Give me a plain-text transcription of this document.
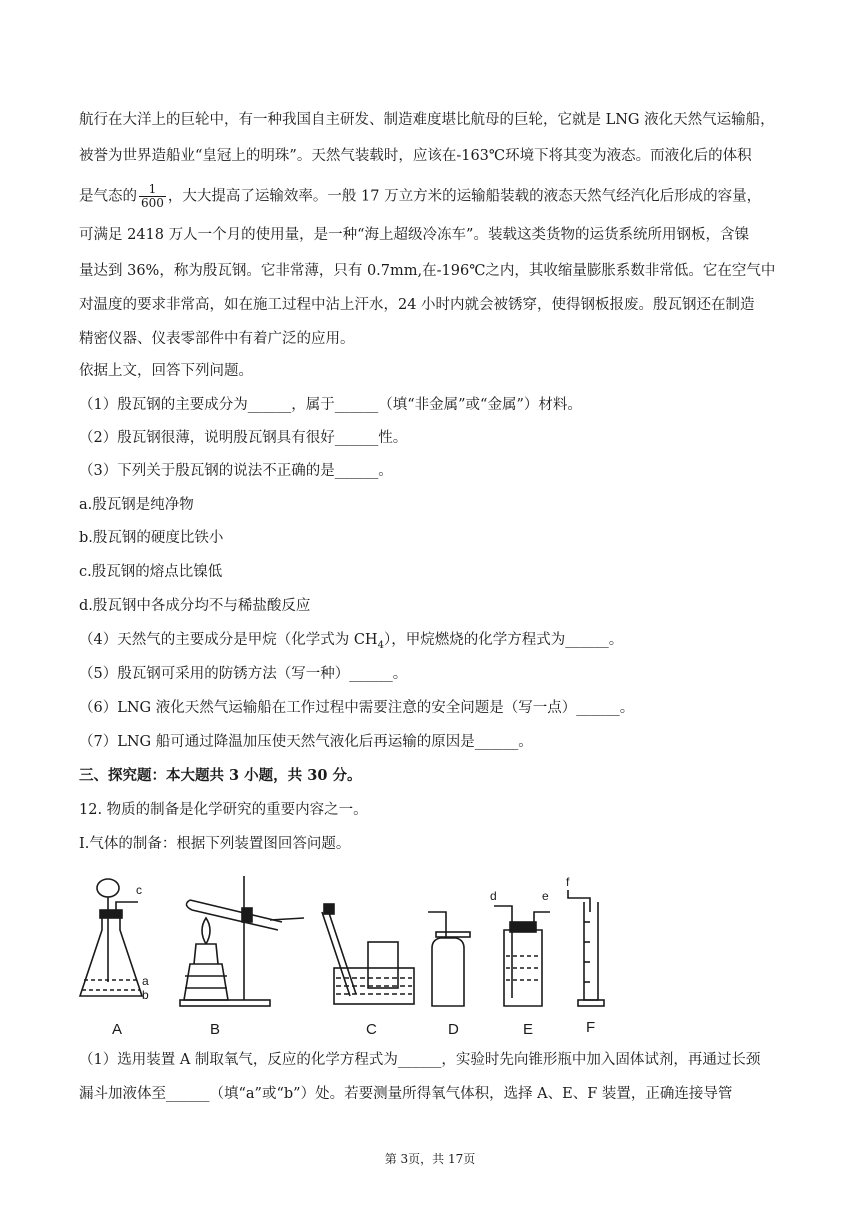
航行在大洋上的巨轮中，有一种我国自主研发、制造难度堪比航母的巨轮，它就是 LNG 液化天然气运输船，
被誉为世界造船业“皇冠上的明珠”。天然气装载时，应该在-163℃环境下将其变为液态。而液化后的体积
是气态的 $\frac{1}{600}$ ，大大提高了运输效率。一般 17 万立方米的运输船装载的液态天然气经汽化后形成的容量，
可满足 2418 万人一个月的使用量，是一种“海上超级冷冻车”。装载这类货物的运货系统所用钢板，含镍
量达到 36%，称为殷瓦钢。它非常薄，只有 0.7mm,在-196℃之内，其收缩量膨胀系数非常低。它在空气中
对温度的要求非常高，如在施工过程中沾上汗水，24 小时内就会被锈穿，使得钢板报废。殷瓦钢还在制造
精密仪器、仪表零部件中有着广泛的应用。
依据上文，回答下列问题。
（1）殷瓦钢的主要成分为______，属于______（填“非金属”或“金属”）材料。
（2）殷瓦钢很薄，说明殷瓦钢具有很好______性。
（3）下列关于殷瓦钢的说法不正确的是______。
a.殷瓦钢是纯净物
b.殷瓦钢的硬度比铁小
c.殷瓦钢的熔点比镍低
d.殷瓦钢中各成分均不与稀盐酸反应
（4）天然气的主要成分是甲烷（化学式为 $CH_4$），甲烷燃烧的化学方程式为______。
（5）殷瓦钢可采用的防锈方法（写一种）______。
（6）LNG 液化天然气运输船在工作过程中需要注意的安全问题是（写一点）______。
（7）LNG 船可通过降温加压使天然气液化后再运输的原因是______。
三、探究题：本大题共 3 小题，共 30 分。
12. 物质的制备是化学研究的重要内容之一。
Ⅰ.气体的制备：根据下列装置图回答问题。
c
a
b
d	e
f
A	B	C	D	E	F
（1）选用装置 A 制取氧气，反应的化学方程式为______，实验时先向锥形瓶中加入固体试剂，再通过长颈
漏斗加液体至______（填“a”或“b”）处。若要测量所得氧气体积，选择 A、E、F 装置，正确连接导管
第 3页，共 17页
